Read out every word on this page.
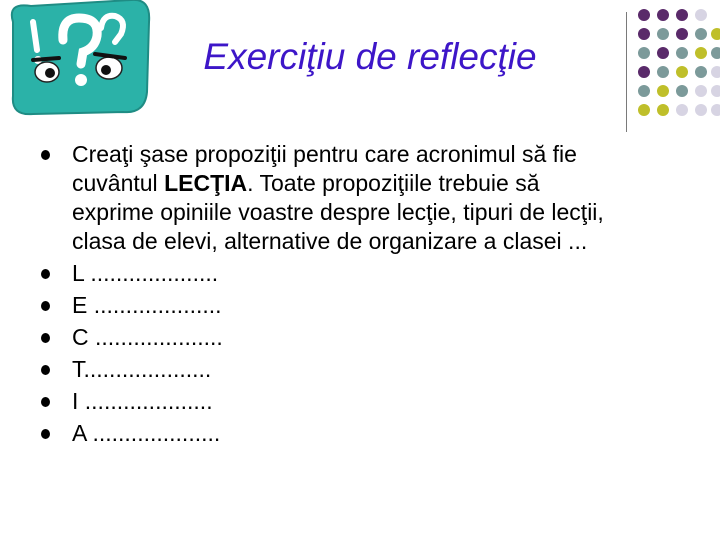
Exerciţiu de reflecţie
Creaţi şase propoziţii pentru care acronimul să fie
cuvântul LECŢIA. Toate propoziţiile trebuie să
exprime opiniile voastre despre lecţie, tipuri de lecţii,
clasa de elevi, alternative de organizare a clasei ...
L ....................
E ....................
C ....................
T....................
I ....................
A ....................
